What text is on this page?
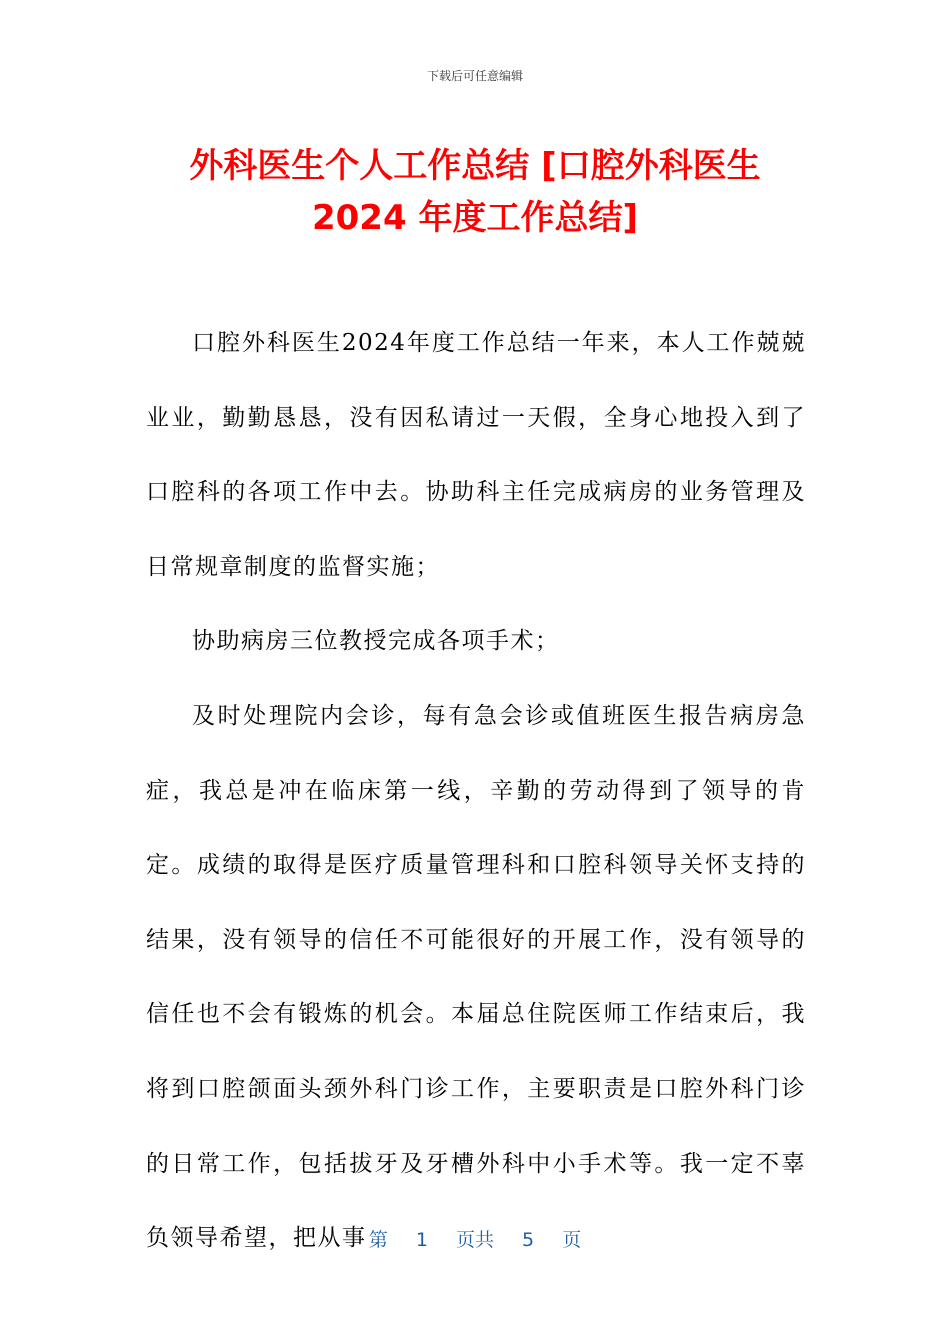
下载后可任意编辑
外科医生个人工作总结 [口腔外科医生 2024 年度工作总结]

口腔外科医生2024年度工作总结一年来，本人工作兢兢业业，勤勤恳恳，没有因私请过一天假，全身心地投入到了口腔科的各项工作中去。协助科主任完成病房的业务管理及日常规章制度的监督实施；

协助病房三位教授完成各项手术；

及时处理院内会诊，每有急会诊或值班医生报告病房急症，我总是冲在临床第一线，辛勤的劳动得到了领导的肯定。成绩的取得是医疗质量管理科和口腔科领导关怀支持的结果，没有领导的信任不可能很好的开展工作，没有领导的信任也不会有锻炼的机会。本届总住院医师工作结束后，我将到口腔颌面头颈外科门诊工作，主要职责是口腔外科门诊的日常工作，包括拔牙及牙槽外科中小手术等。我一定不辜负领导希望，把从事 第 1 页共 5 页
